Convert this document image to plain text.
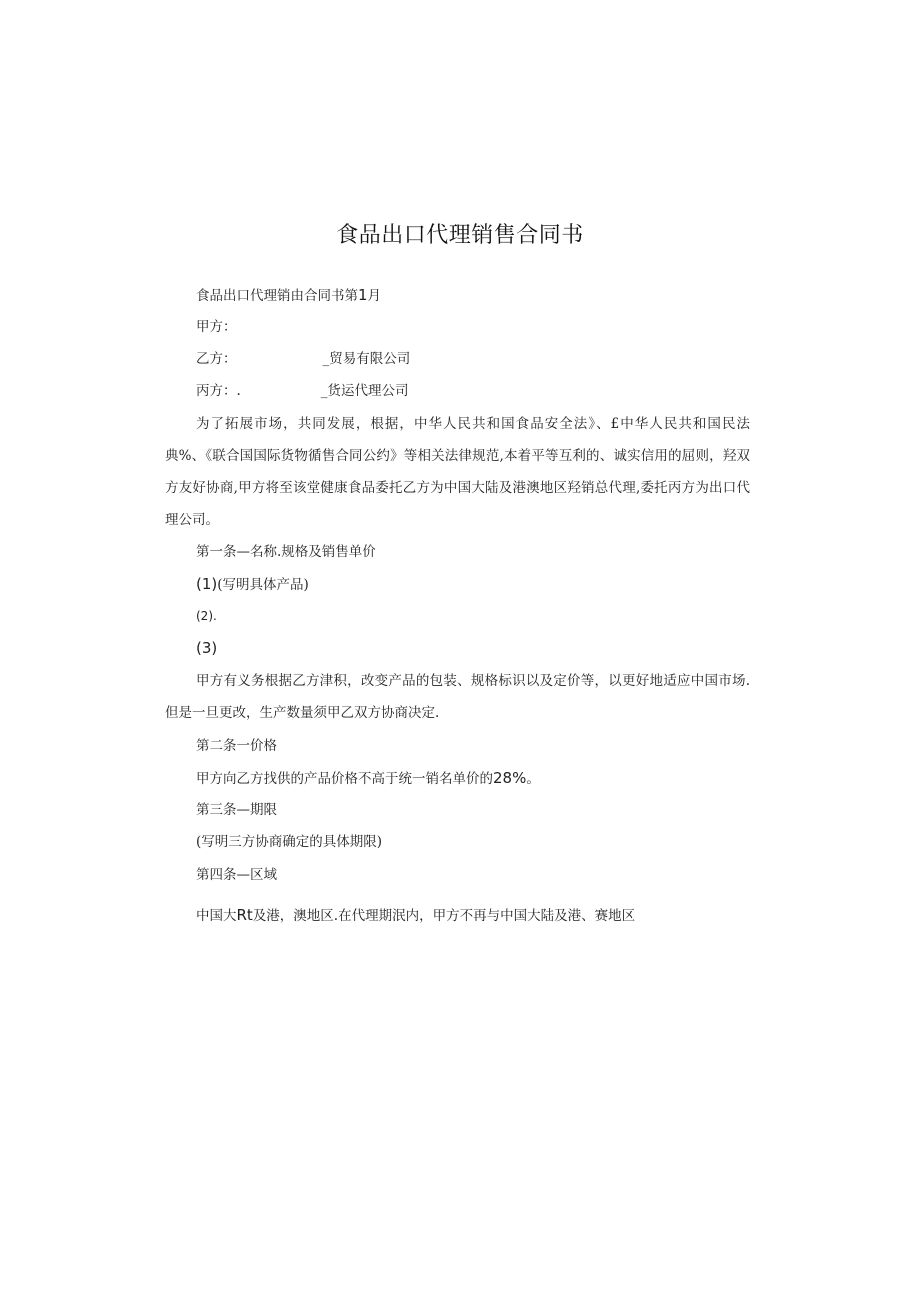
食品出口代理销售合同书
食品出口代理销由合同书第1月
甲方：
乙方：	_贸易有限公司
丙方：.	_货运代理公司
为了拓展市场，共同发展，根据，中华人民共和国食品安全法》、£中华人民共和国民法典%、《联合国国际货物循售合同公约》等相关法律规范,本着平等互利的、诚实信用的屈则，羟双方友好协商,甲方将至该堂健康食品委托乙方为中国大陆及港澳地区羟销总代理,委托丙方为出口代理公司。
第一条—名称.规格及销售单价
(1)(写明具体产品)
(2).
(3)
甲方有义务根据乙方津积，改变产品的包装、规格标识以及定价等，以更好地适应中国市场.但是一旦更改，生产数量须甲乙双方协商决定.
第二条一价格
甲方向乙方找供的产品价格不高于统一销名单价的28%。
第三条—期限
(写明三方协商确定的具体期限)
第四条—区域
中国大Rt及港，澳地区.在代理期泯内，甲方不再与中国大陆及港、赛地区
